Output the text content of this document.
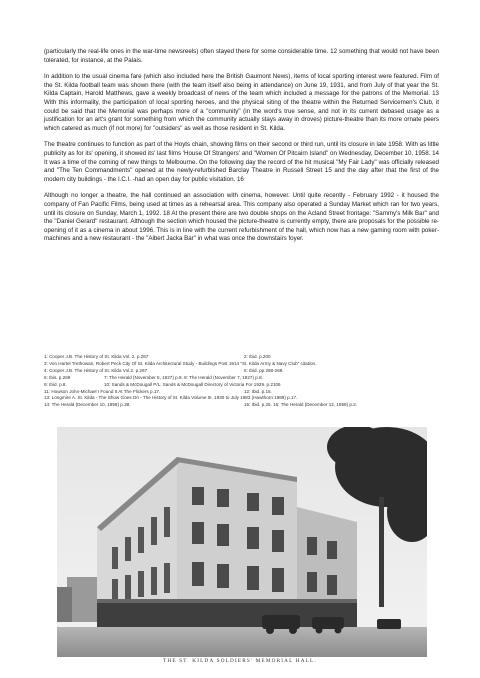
(particularly the real-life ones in the war-time newsreels) often stayed there for some considerable time. 12 something that would not have been tolerated, for instance, at the Palais.

In addition to the usual cinema fare (which also included here the British Gaumont News), items of local sporting interest were featured. Film of the St. Kilda football team was shown there (with the team itself also being in attendance) on June 19, 1931, and from July of that year the St. Kilda Captain, Harold Matthews, gave a weekly broadcast of news of the team which included a message for the patrons of the Memorial. 13 With this informality, the participation of local sporting heroes, and the physical siting of the theatre within the Returned Servicemen's Club, it could be said that the Memorial was perhaps more of a "community" (in the word's true sense, and not in its current debased usage as a justification for an art's grant for something from which the community actually stays away in droves) picture-theatre than its more ornate peers which catered as much (if not more) for "outsiders" as well as those resident in St. Kilda.

The theatre continues to function as part of the Hoyts chain, showing films on their second or third run, until its closure in late 1958. With as little publicity as for its' opening, it showed its' last films 'House Of Strangers' and "Women Of Pitcairn Island" on Wednesday, December 10, 1958. 14 It was a time of the coming of new things to Melbourne. On the following day the record of the hit musical "My Fair Lady" was officially released and "The Ten Commandments" opened at the newly-refurbished Barclay Theatre in Russell Street 15 and the day after that the first of the modern city buildings - the I.C.I. -had an open day for public visitation. 16

Although no longer a theatre, the hall continued an association with cinema, however. Until quite recently - February 1992 - it housed the company of Fan Pacific Films, being used at times as a rehearsal area. This company also operated a Sunday Market which ran for two years, until its closure on Sunday, March 1, 1992. 18 At the present there are two double shops on the Acland Street frontage: "Sammy's Milk Bar" and the "Daniel Gerard" restaurant. Although the section which housed the picture-theatre is currently empty, there are proposals for the possible re-opening of it as a cinema in about 1996. This is in line with the current refurbishment of the hall, which now has a new gaming room with poker-machines and a new restaurant - the "Albert Jacka Bar" in what was once the downstairs foyer.

1: Cooper J.B. The History of St. Kilda Vol. 2. p.267	2: Ibid. p.200
3: Von Hartel Trethowan, Robert Peck City Of St. Kilda Architectural Study - Buildings Post 1914 "St. Kilda Army & Navy Club" citation.
4: Cooper J.B. The History of St. Kilda Vol.2. p.267	5: Ibid. pp.268-269.
6: Ibis. p.269	7: The Herald (November 5, 1927) p.8. 8: The Herald (November 7, 1927) p.8.
9: Ibid. p.8.	10: Sands & McDougall P/L. Sands & McDougall Directory of Victoria For 1929. p.2106
11: Howson John-Michael I Found It At The Flickers p.17.	12: Ibid. p.15.
13: Longmire A. St. Kilda - The Show Goes On - The History of St. Kilda Volume III. 1930 to July 1983 (Hawthorn 1989) p.17.
14: The Herald (December 10, 1958) p.38.	15: Ibid. p.25. 16: The Herald (December 12, 1958) p.2.
THE ST. KILDA SOLDIERS' MEMORIAL HALL.
